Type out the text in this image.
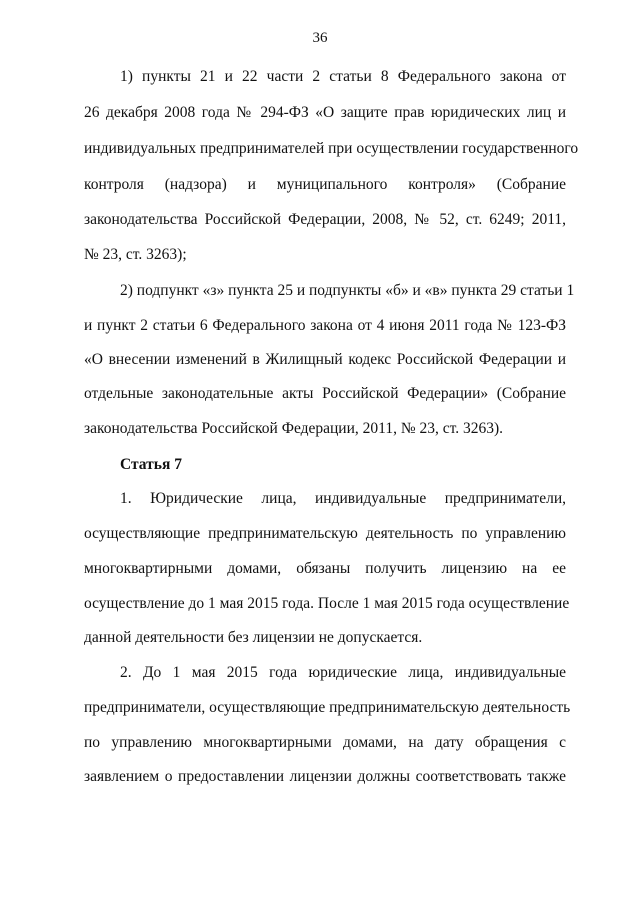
36
1) пункты 21 и 22 части 2 статьи 8 Федерального закона от
26 декабря 2008 года № 294-ФЗ «О защите прав юридических лиц и
индивидуальных предпринимателей при осуществлении государственного
контроля (надзора) и муниципального контроля» (Собрание
законодательства Российской Федерации, 2008, № 52, ст. 6249; 2011,
№ 23, ст. 3263);
2) подпункт «з» пункта 25 и подпункты «б» и «в» пункта 29 статьи 1
и пункт 2 статьи 6 Федерального закона от 4 июня 2011 года № 123-ФЗ
«О внесении изменений в Жилищный кодекс Российской Федерации и
отдельные законодательные акты Российской Федерации» (Собрание
законодательства Российской Федерации, 2011, № 23, ст. 3263).
Статья 7
1. Юридические лица, индивидуальные предприниматели,
осуществляющие предпринимательскую деятельность по управлению
многоквартирными домами, обязаны получить лицензию на ее
осуществление до 1 мая 2015 года. После 1 мая 2015 года осуществление
данной деятельности без лицензии не допускается.
2. До 1 мая 2015 года юридические лица, индивидуальные
предприниматели, осуществляющие предпринимательскую деятельность
по управлению многоквартирными домами, на дату обращения с
заявлением о предоставлении лицензии должны соответствовать также
